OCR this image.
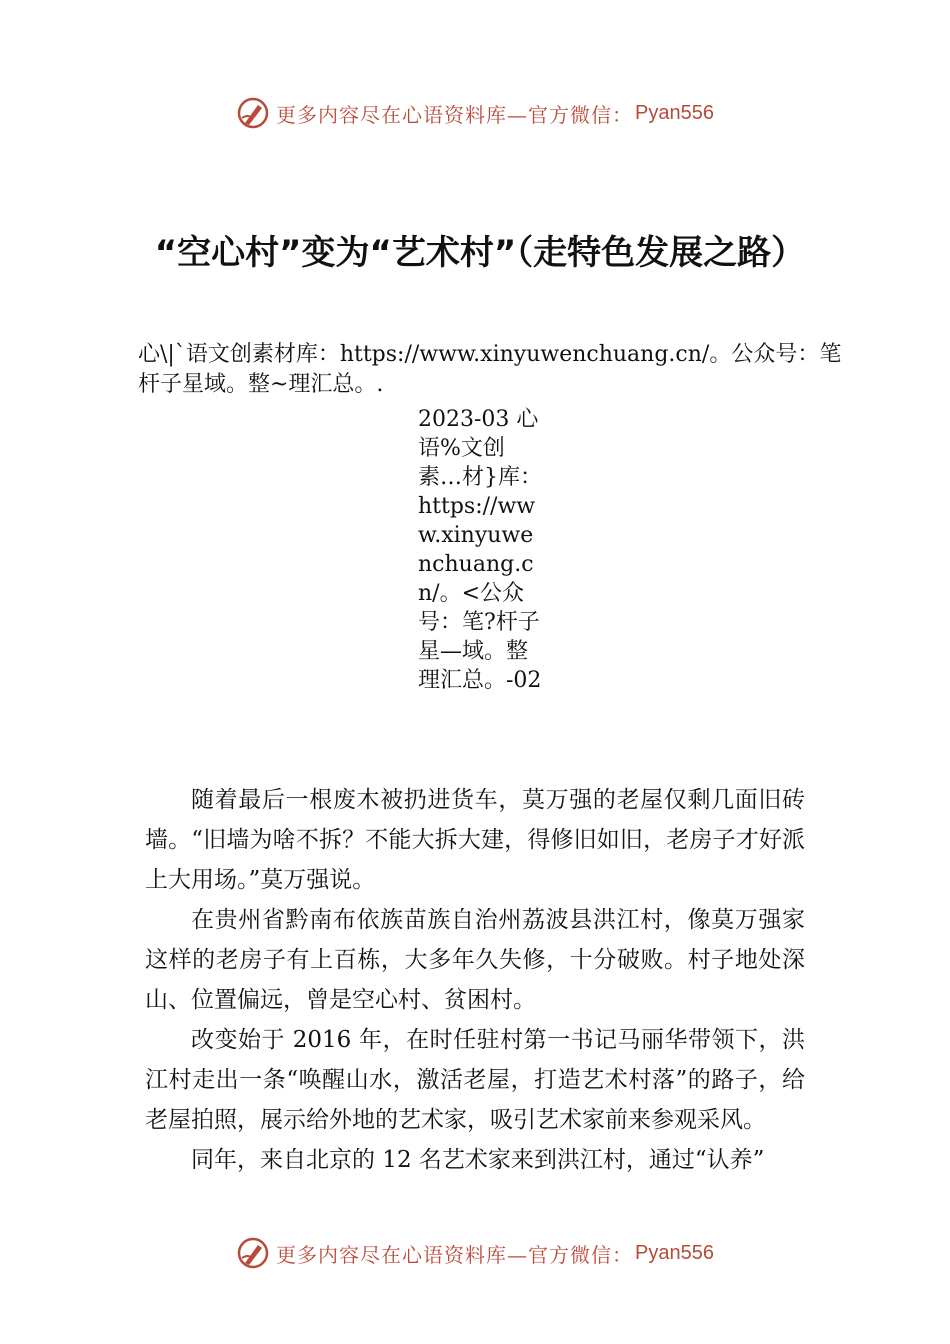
更多内容尽在心语资料库—官方微信： Pyan556
“空心村”变为“艺术村”（走特色发展之路）
心\|`语文创素材库：https://www.xinyuwenchuang.cn/。公众号：笔杆子星域。整~理汇总。.
2023-03 心语%文创素…材}库：https://www.xinyuwenchuang.cn/。<公众号：笔?杆子星—域。整理汇总。-02

随着最后一根废木被扔进货车，莫万强的老屋仅剩几面旧砖墙。“旧墙为啥不拆？不能大拆大建，得修旧如旧，老房子才好派上大用场。”莫万强说。

在贵州省黔南布依族苗族自治州荔波县洪江村，像莫万强家这样的老房子有上百栋，大多年久失修，十分破败。村子地处深山、位置偏远，曾是空心村、贫困村。

改变始于 2016 年，在时任驻村第一书记马丽华带领下，洪江村走出一条“唤醒山水，激活老屋，打造艺术村落”的路子，给老屋拍照，展示给外地的艺术家，吸引艺术家前来参观采风。

同年，来自北京的 12 名艺术家来到洪江村，通过“认养”

更多内容尽在心语资料库—官方微信： Pyan556
